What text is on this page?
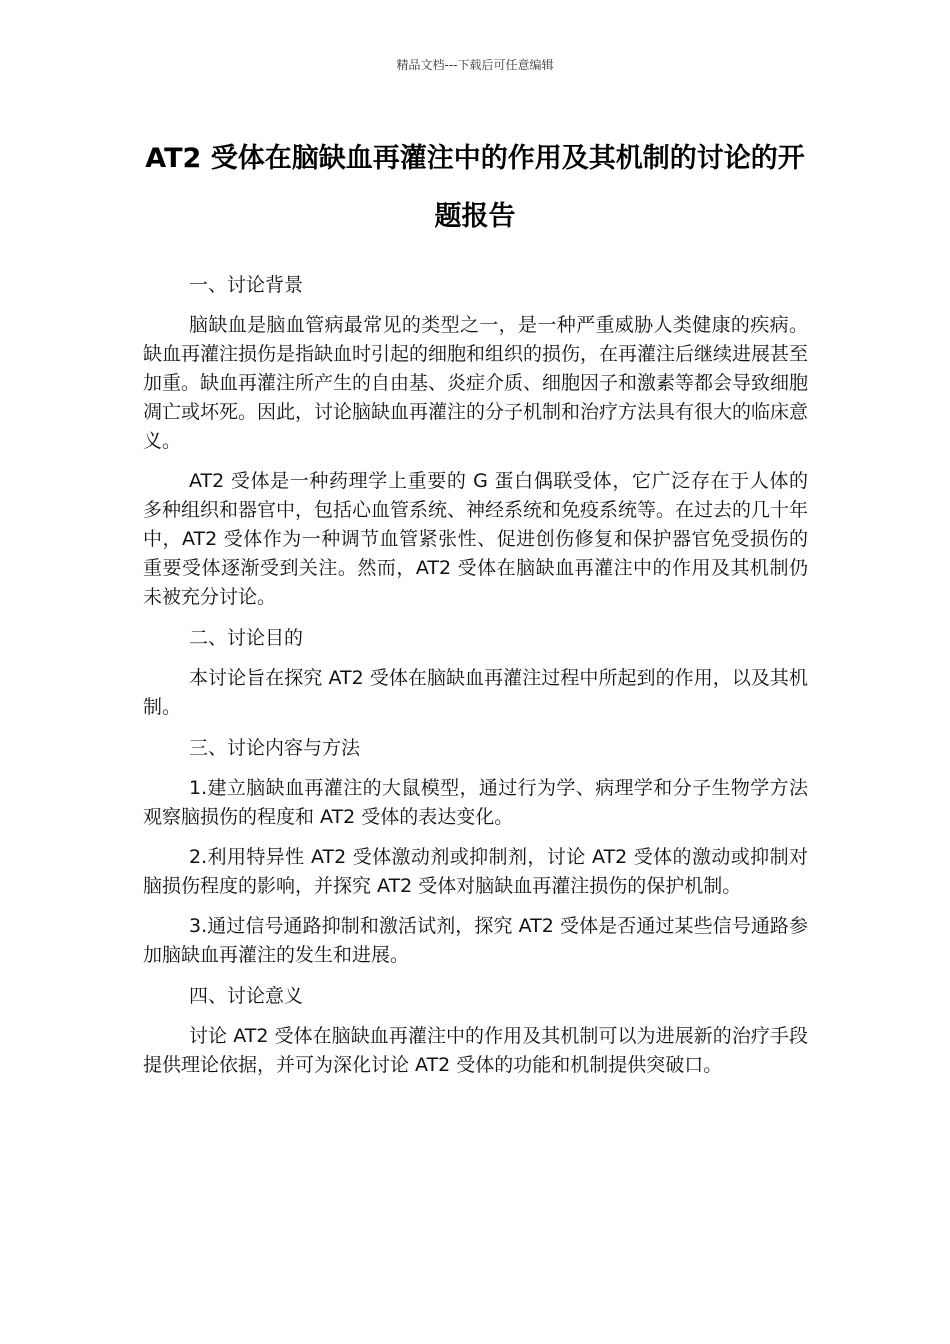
精品文档---下载后可任意编辑
AT2 受体在脑缺血再灌注中的作用及其机制的讨论的开题报告

一、讨论背景

脑缺血是脑血管病最常见的类型之一，是一种严重威胁人类健康的疾病。缺血再灌注损伤是指缺血时引起的细胞和组织的损伤，在再灌注后继续进展甚至加重。缺血再灌注所产生的自由基、炎症介质、细胞因子和激素等都会导致细胞凋亡或坏死。因此，讨论脑缺血再灌注的分子机制和治疗方法具有很大的临床意义。

AT2 受体是一种药理学上重要的 G 蛋白偶联受体，它广泛存在于人体的多种组织和器官中，包括心血管系统、神经系统和免疫系统等。在过去的几十年中，AT2 受体作为一种调节血管紧张性、促进创伤修复和保护器官免受损伤的重要受体逐渐受到关注。然而，AT2 受体在脑缺血再灌注中的作用及其机制仍未被充分讨论。

二、讨论目的

本讨论旨在探究 AT2 受体在脑缺血再灌注过程中所起到的作用，以及其机制。

三、讨论内容与方法

1.建立脑缺血再灌注的大鼠模型，通过行为学、病理学和分子生物学方法观察脑损伤的程度和 AT2 受体的表达变化。

2.利用特异性 AT2 受体激动剂或抑制剂，讨论 AT2 受体的激动或抑制对脑损伤程度的影响，并探究 AT2 受体对脑缺血再灌注损伤的保护机制。

3.通过信号通路抑制和激活试剂，探究 AT2 受体是否通过某些信号通路参加脑缺血再灌注的发生和进展。

四、讨论意义

讨论 AT2 受体在脑缺血再灌注中的作用及其机制可以为进展新的治疗手段提供理论依据，并可为深化讨论 AT2 受体的功能和机制提供突破口。
